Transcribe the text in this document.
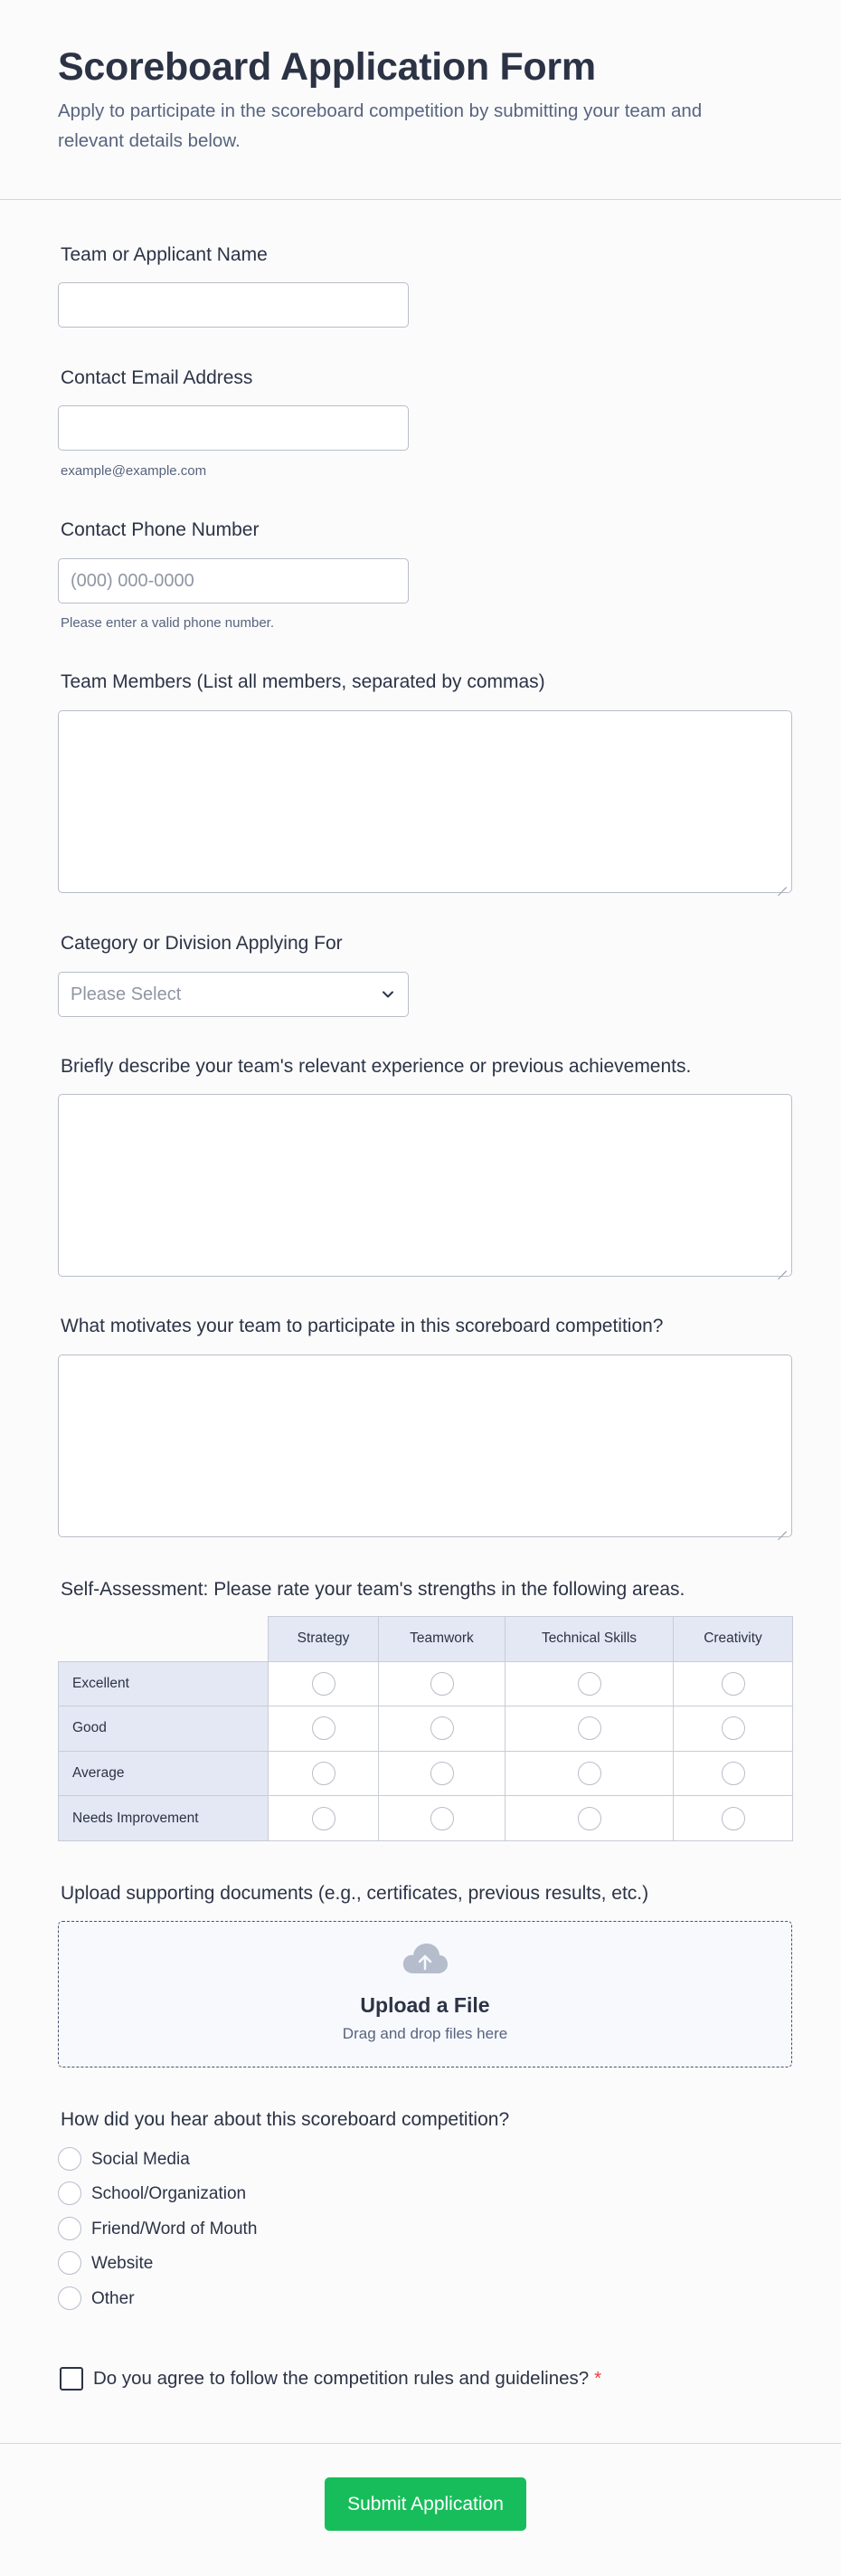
Scoreboard Application Form

Apply to participate in the scoreboard competition by submitting your team and relevant details below.

Team or Applicant Name
Contact Email Address
example@example.com
Contact Phone Number
(000) 000-0000
Please enter a valid phone number.
Team Members (List all members, separated by commas)
Category or Division Applying For
Please Select
Briefly describe your team's relevant experience or previous achievements.
What motivates your team to participate in this scoreboard competition?
Self-Assessment: Please rate your team's strengths in the following areas.
	Strategy	Teamwork	Technical Skills	Creativity
Excellent				
Good				
Average				
Needs Improvement				
Upload supporting documents (e.g., certificates, previous results, etc.)
Upload a File
Drag and drop files here
How did you hear about this scoreboard competition?
Social Media
School/Organization
Friend/Word of Mouth
Website
Other
Do you agree to follow the competition rules and guidelines? *
Submit Application
